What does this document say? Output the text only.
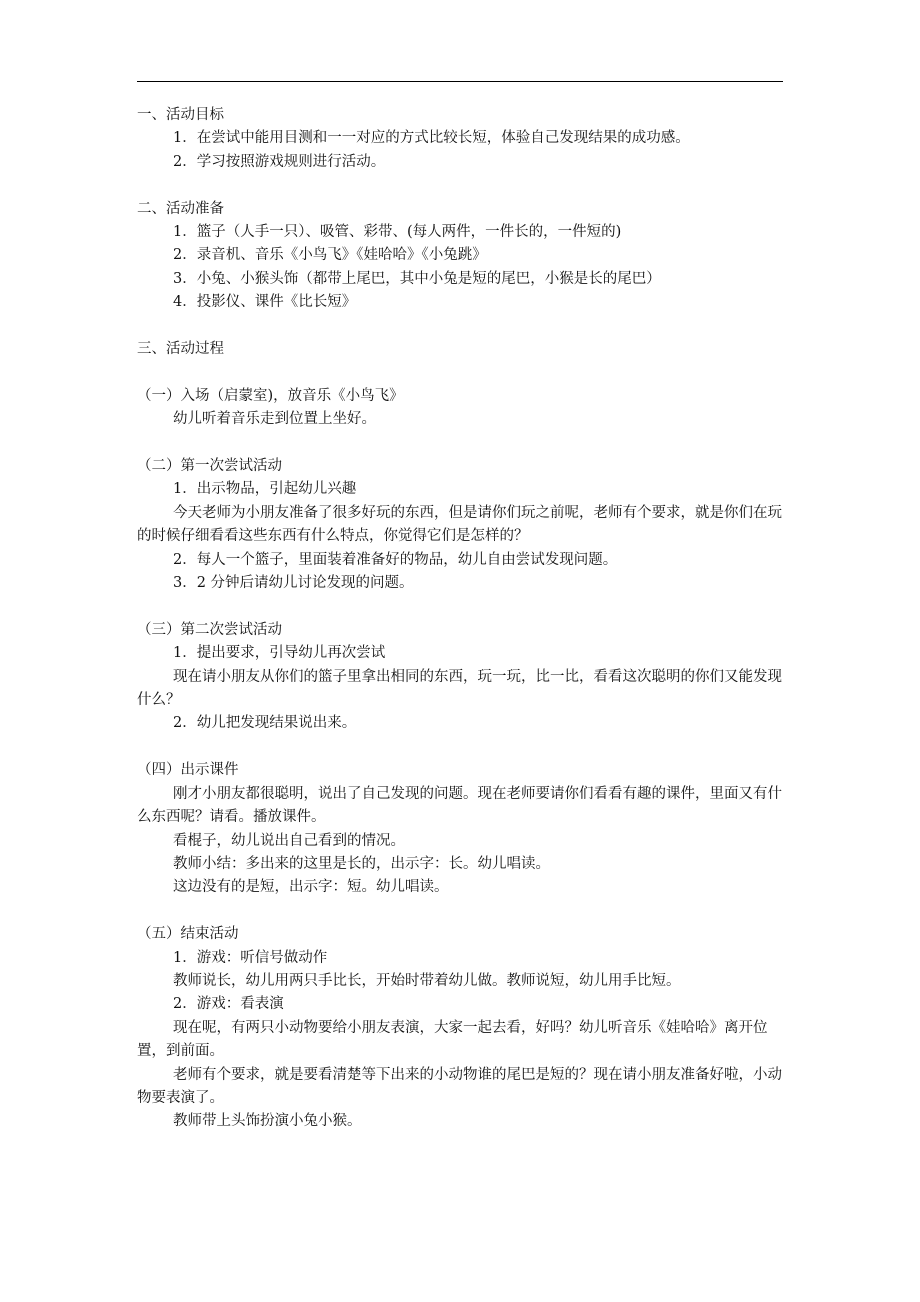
一、活动目标

1．在尝试中能用目测和一一对应的方式比较长短，体验自己发现结果的成功感。

2．学习按照游戏规则进行活动。

二、活动准备

1．篮子（人手一只）、吸管、彩带、(每人两件，一件长的，一件短的)

2．录音机、音乐《小鸟飞》《娃哈哈》《小兔跳》

3．小兔、小猴头饰（都带上尾巴，其中小兔是短的尾巴，小猴是长的尾巴）

4．投影仪、课件《比长短》

三、活动过程

（一）入场（启蒙室)，放音乐《小鸟飞》

幼儿听着音乐走到位置上坐好。

（二）第一次尝试活动

1．出示物品，引起幼儿兴趣

今天老师为小朋友准备了很多好玩的东西，但是请你们玩之前呢，老师有个要求，就是你们在玩的时候仔细看看这些东西有什么特点，你觉得它们是怎样的？

2．每人一个篮子，里面装着准备好的物品，幼儿自由尝试发现问题。

3．2 分钟后请幼儿讨论发现的问题。

（三）第二次尝试活动

1．提出要求，引导幼儿再次尝试

现在请小朋友从你们的篮子里拿出相同的东西，玩一玩，比一比，看看这次聪明的你们又能发现什么？

2．幼儿把发现结果说出来。

（四）出示课件

刚才小朋友都很聪明，说出了自己发现的问题。现在老师要请你们看看有趣的课件，里面又有什么东西呢？请看。播放课件。

看棍子，幼儿说出自己看到的情况。

教师小结：多出来的这里是长的，出示字：长。幼儿唱读。

这边没有的是短，出示字：短。幼儿唱读。

（五）结束活动

1．游戏：听信号做动作

教师说长，幼儿用两只手比长，开始时带着幼儿做。教师说短，幼儿用手比短。

2．游戏：看表演

现在呢，有两只小动物要给小朋友表演，大家一起去看，好吗？幼儿听音乐《娃哈哈》离开位置，到前面。

老师有个要求，就是要看清楚等下出来的小动物谁的尾巴是短的？现在请小朋友准备好啦，小动物要表演了。

教师带上头饰扮演小兔小猴。
